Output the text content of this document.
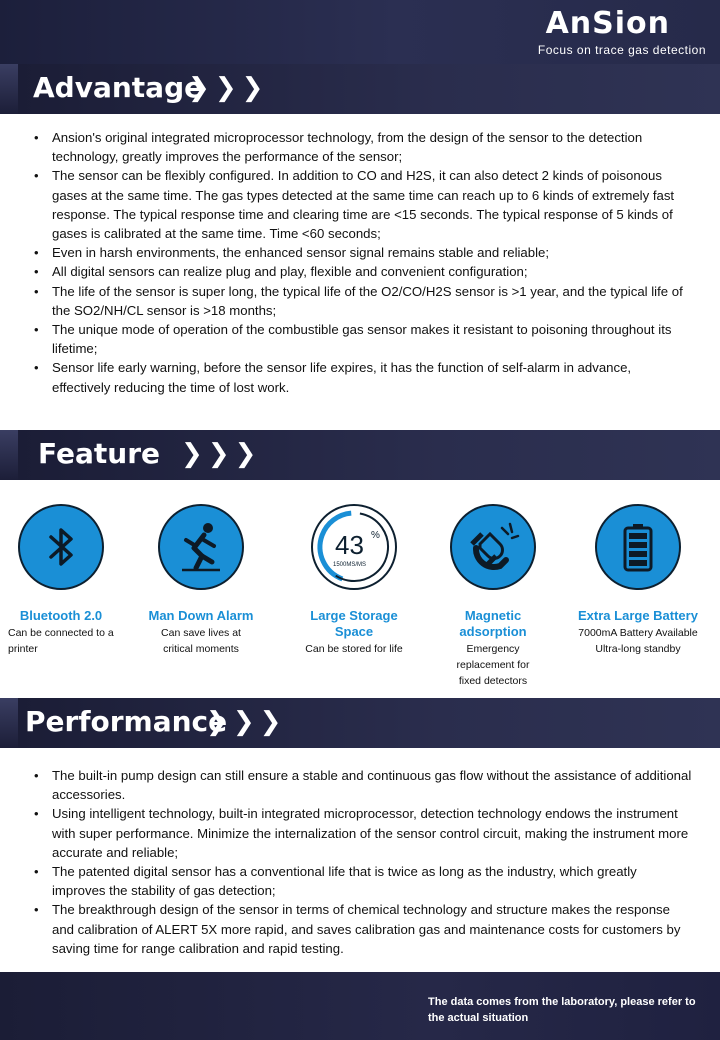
AnSion
Focus on trace gas detection
Advantage
❯ ❯ ❯
• Ansion's original integrated microprocessor technology, from the design of the sensor to the detection technology, greatly improves the performance of the sensor;
• The sensor can be flexibly configured. In addition to CO and H2S, it can also detect 2 kinds of poisonous gases at the same time. The gas types detected at the same time can reach up to 6 kinds of extremely fast response. The typical response time and clearing time are <15 seconds. The typical response of 5 kinds of gases is calibrated at the same time. Time <60 seconds;
• Even in harsh environments, the enhanced sensor signal remains stable and reliable;
• All digital sensors can realize plug and play, flexible and convenient configuration;
• The life of the sensor is super long, the typical life of the O2/CO/H2S sensor is >1 year, and the typical life of the SO2/NH/CL sensor is >18 months;
• The unique mode of operation of the combustible gas sensor makes it resistant to poisoning throughout its lifetime;
• Sensor life early warning, before the sensor life expires, it has the function of self-alarm in advance, effectively reducing the time of lost work.
Feature ❯ ❯ ❯
Bluetooth 2.0
Can be connected to a printer
Man Down Alarm
Can save lives at critical moments
43 %
1500MS/MS
Large Storage Space
Can be stored for life
Magnetic adsorption
Emergency replacement for fixed detectors
Extra Large Battery
7000mA Battery Available Ultra-long standby
Performance
❯ ❯ ❯
• The built-in pump design can still ensure a stable and continuous gas flow without the assistance of additional accessories.
• Using intelligent technology, built-in integrated microprocessor, detection technology endows the instrument with super performance. Minimize the internalization of the sensor control circuit, making the instrument more accurate and reliable;
• The patented digital sensor has a conventional life that is twice as long as the industry, which greatly improves the stability of gas detection;
• The breakthrough design of the sensor in terms of chemical technology and structure makes the response and calibration of ALERT 5X more rapid, and saves calibration gas and maintenance costs for customers by saving time for range calibration and rapid testing.
The data comes from the laboratory, please refer to the actual situation
